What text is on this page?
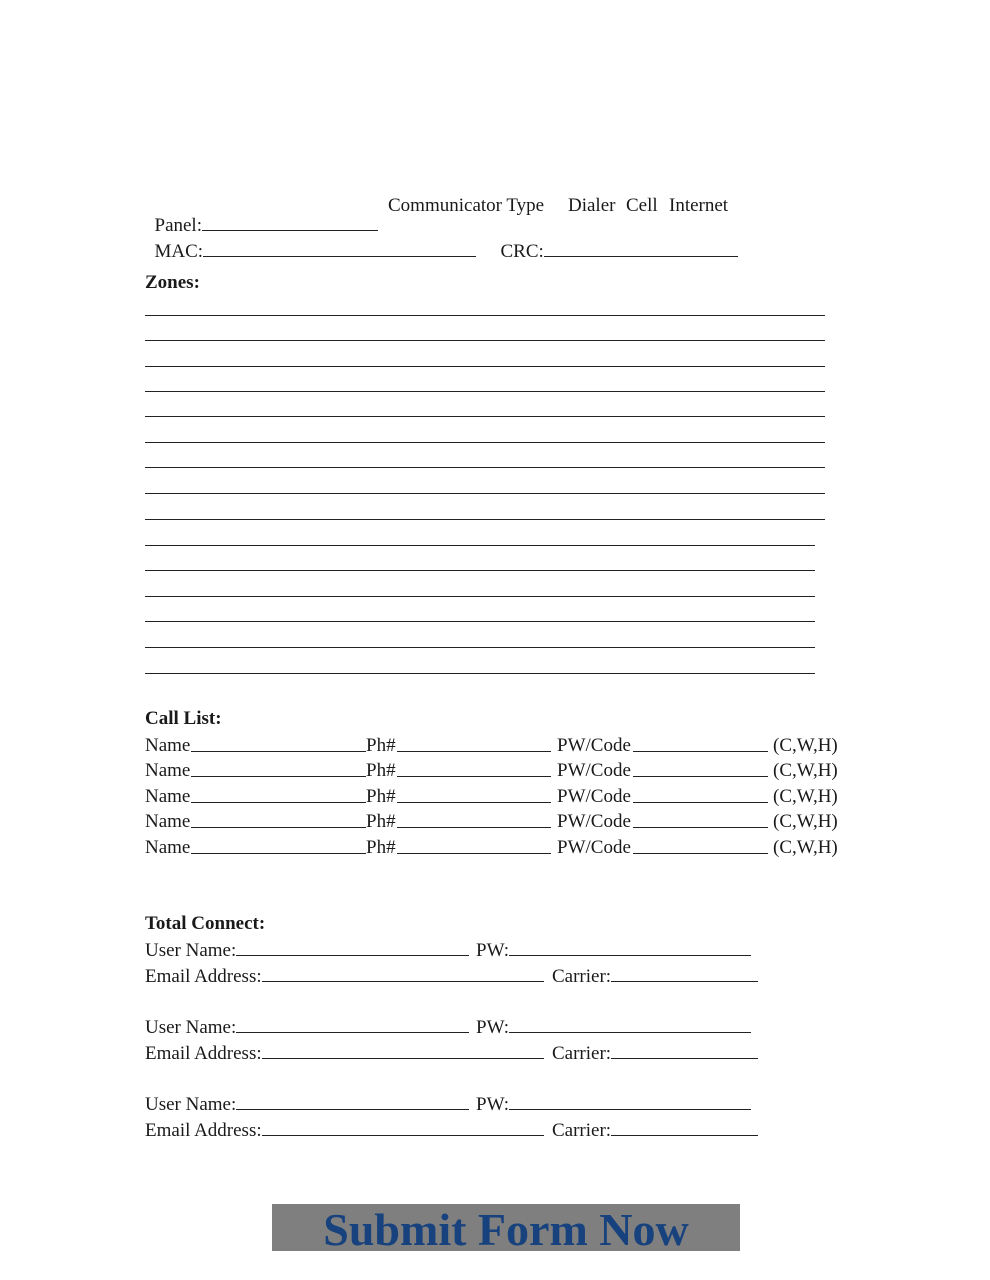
Panel:

Communicator Type Dialer Cell Internet

MAC:	CRC:

Zones:
Call List:
Name	Ph#	PW/Code	(C,W,H)
Name	Ph#	PW/Code	(C,W,H)
Name	Ph#	PW/Code	(C,W,H)
Name	Ph#	PW/Code	(C,W,H)
Name	Ph#	PW/Code	(C,W,H)
Total Connect:
User Name:	PW:
Email Address:	Carrier:
User Name:	PW:
Email Address:	Carrier:
User Name:	PW:
Email Address:	Carrier:
Submit Form Now
